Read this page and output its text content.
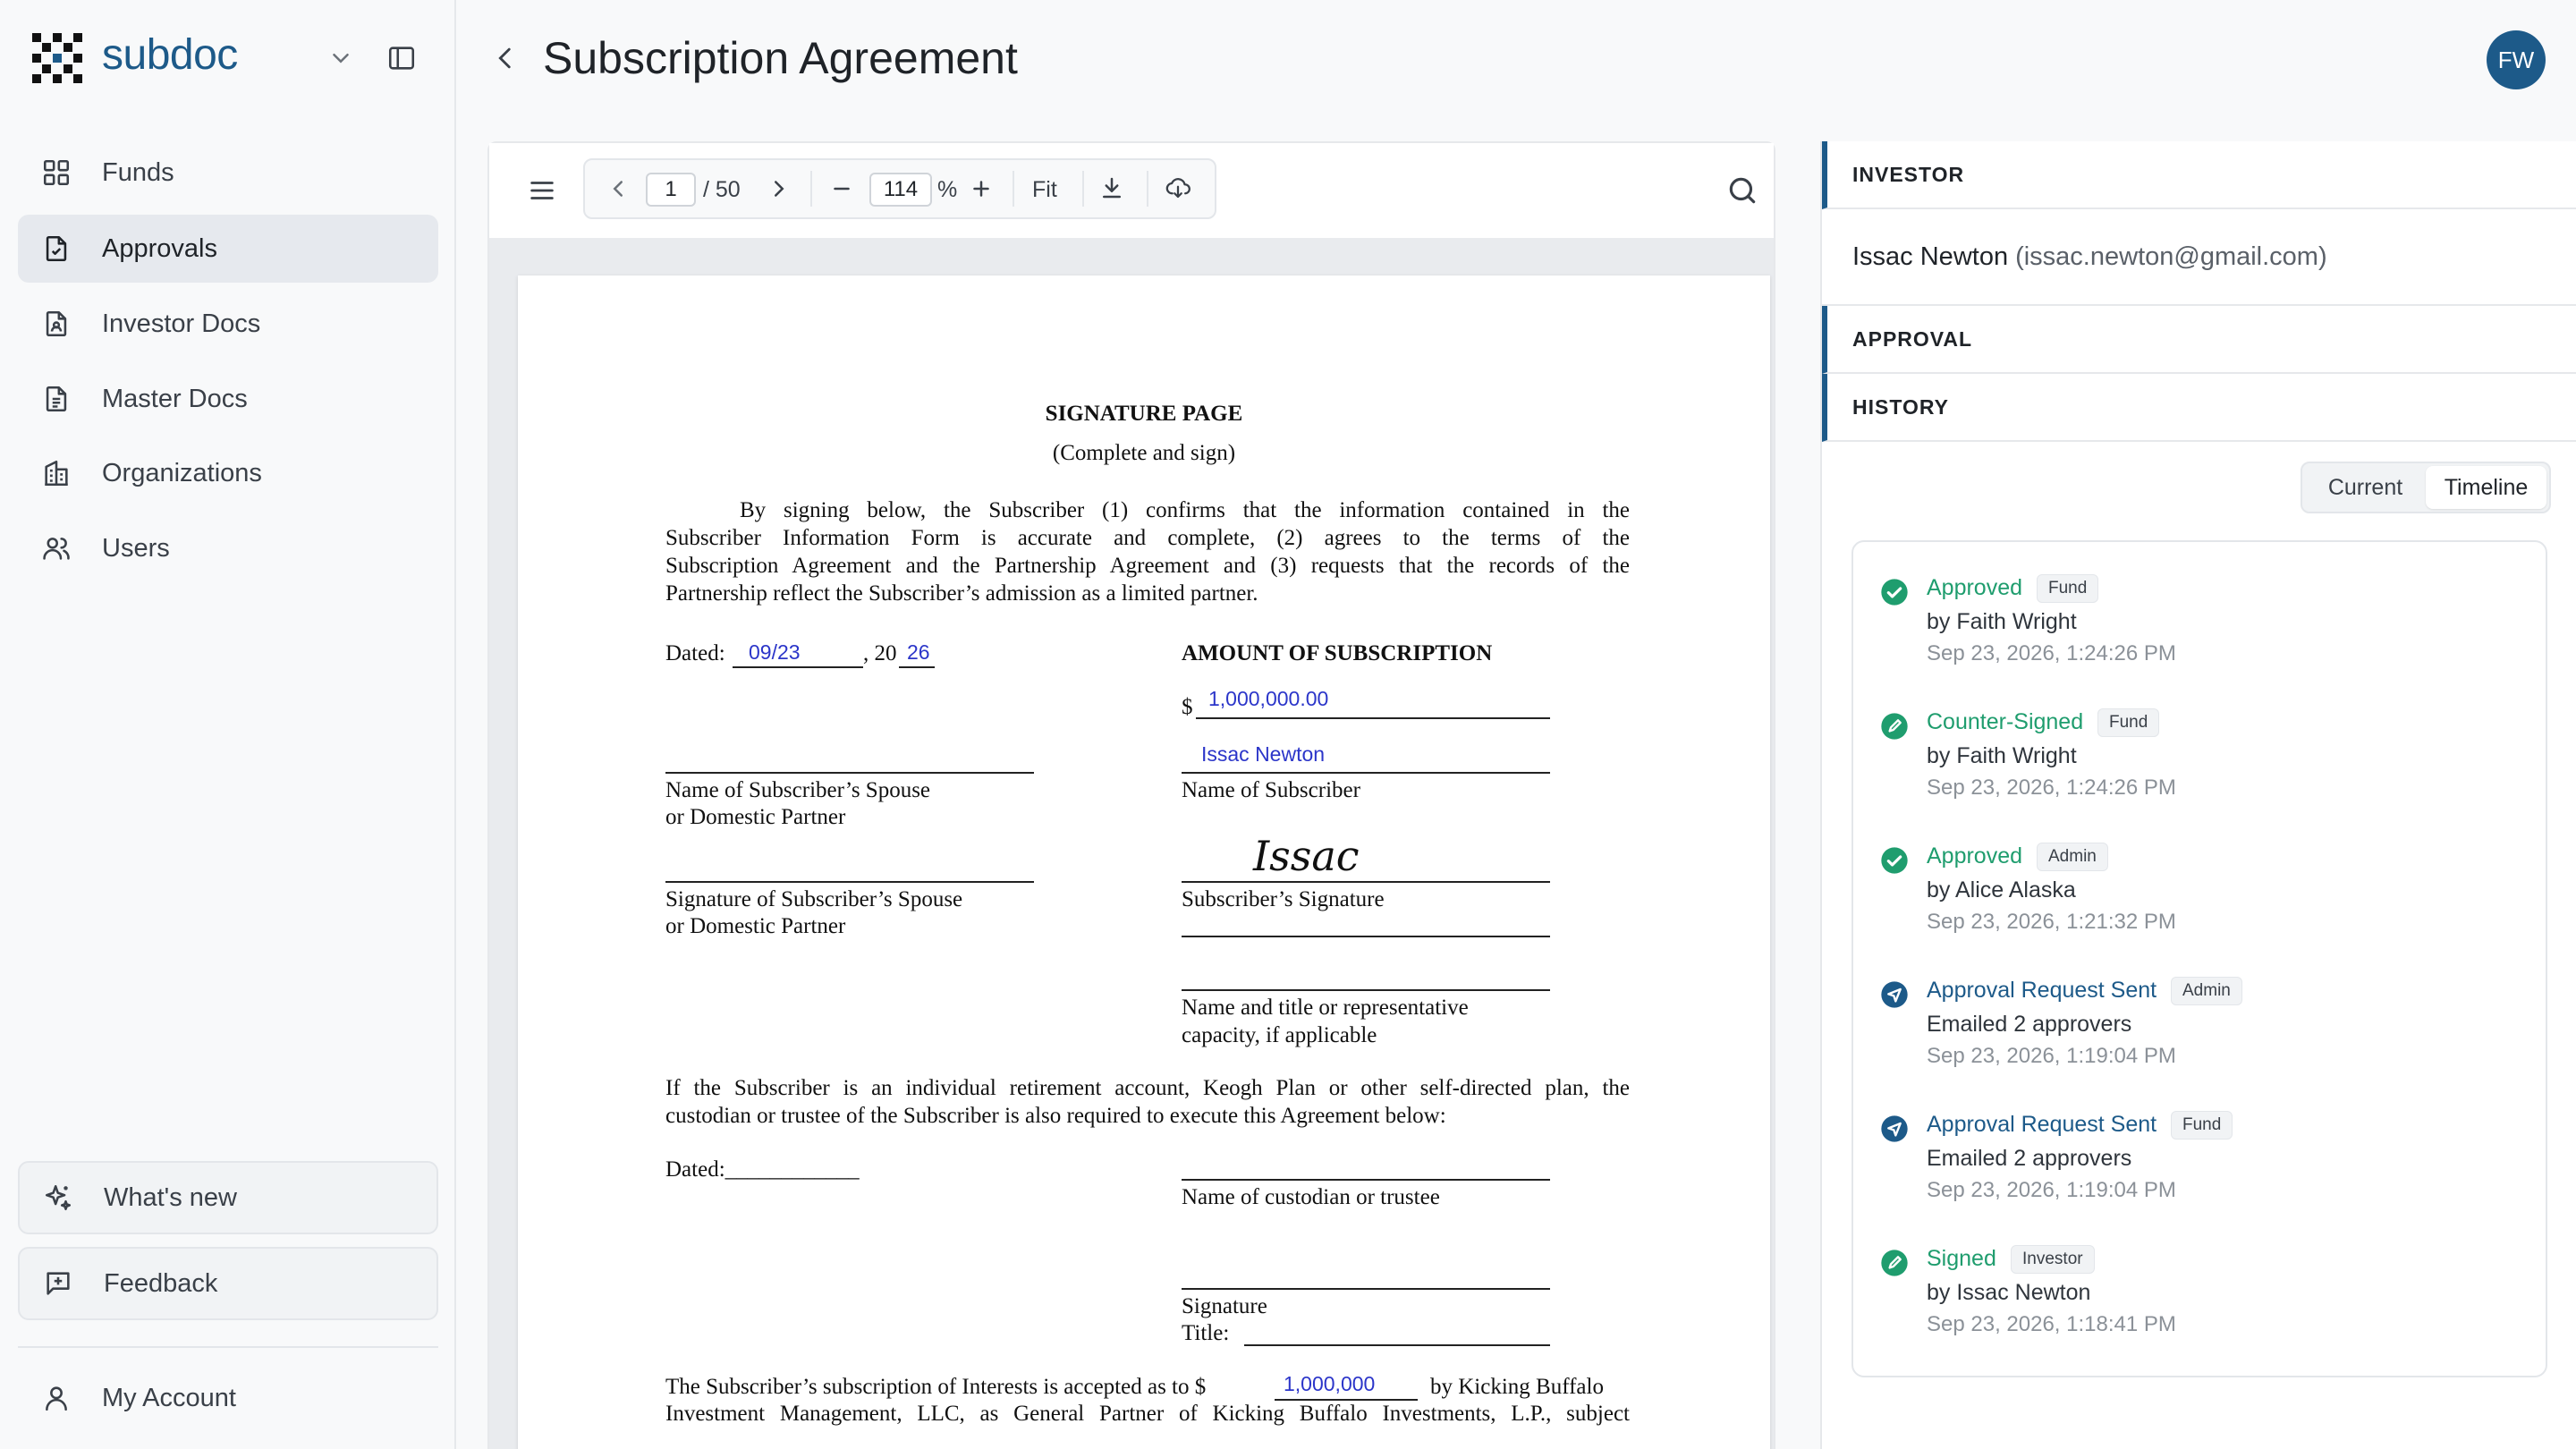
subdoc
Funds
Approvals
Investor Docs
Master Docs
Organizations
Users
What's new
Feedback
My Account
Subscription Agreement	FW
1
/ 50
114	%	Fit
SIGNATURE PAGE
(Complete and sign)
By signing below, the Subscriber (1) confirms that the information contained in the
Subscriber Information Form is accurate and complete, (2) agrees to the terms of the
Subscription Agreement and the Partnership Agreement and (3) requests that the records of the
Partnership reflect the Subscriber’s admission as a limited partner.
Dated: 09/23	, 20 26	AMOUNT OF SUBSCRIPTION
$ 1,000,000.00
Issac Newton
Name of Subscriber’s Spouse
or Domestic Partner
Name of Subscriber
Issac
Signature of Subscriber’s Spouse
or Domestic Partner
Subscriber’s Signature
Name and title or representative
capacity, if applicable
If the Subscriber is an individual retirement account, Keogh Plan or other self-directed plan, the
custodian or trustee of the Subscriber is also required to execute this Agreement below:
Dated:____________
Name of custodian or trustee
Signature
Title:
The Subscriber’s subscription of Interests is accepted as to $	1,000,000 by Kicking Buffalo
Investment Management, LLC, as General Partner of Kicking Buffalo Investments, L.P., subject
INVESTOR
Issac Newton (issac.newton@gmail.com)
APPROVAL
HISTORY
Current	Timeline
Approved	Fund
by Faith Wright
Sep 23, 2026, 1:24:26 PM
Counter-Signed	Fund
by Faith Wright
Sep 23, 2026, 1:24:26 PM
Approved	Admin
by Alice Alaska
Sep 23, 2026, 1:21:32 PM
Approval Request Sent	Admin
Emailed 2 approvers
Sep 23, 2026, 1:19:04 PM
Approval Request Sent	Fund
Emailed 2 approvers
Sep 23, 2026, 1:19:04 PM
Signed	Investor
by Issac Newton
Sep 23, 2026, 1:18:41 PM
